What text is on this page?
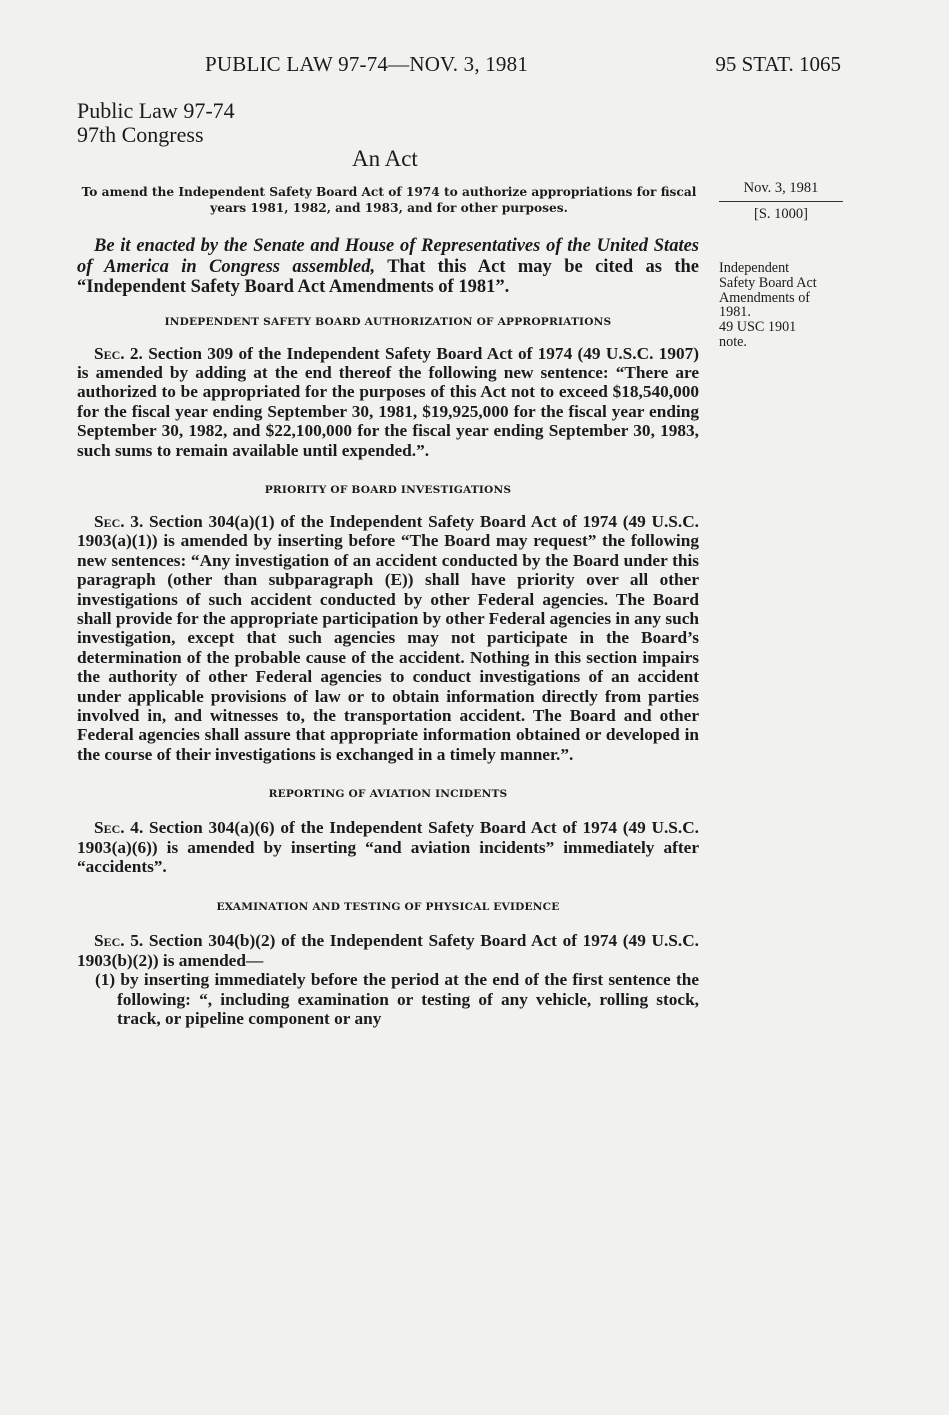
PUBLIC LAW 97-74—NOV. 3, 1981	95 STAT. 1065
Public Law 97-74
97th Congress
An Act
To amend the Independent Safety Board Act of 1974 to authorize appropriations for fiscal years 1981, 1982, and 1983, and for other purposes.
Nov. 3, 1981
[S. 1000]
Independent
Safety Board Act
Amendments of
1981.
49 USC 1901
note.

Be it enacted by the Senate and House of Representatives of the United States of America in Congress assembled, That this Act may be cited as the “Independent Safety Board Act Amendments of 1981”.

INDEPENDENT SAFETY BOARD AUTHORIZATION OF APPROPRIATIONS

Sec. 2. Section 309 of the Independent Safety Board Act of 1974 (49 U.S.C. 1907) is amended by adding at the end thereof the following new sentence: “There are authorized to be appropriated for the purposes of this Act not to exceed $18,540,000 for the fiscal year ending September 30, 1981, $19,925,000 for the fiscal year ending September 30, 1982, and $22,100,000 for the fiscal year ending September 30, 1983, such sums to remain available until expended.”.

PRIORITY OF BOARD INVESTIGATIONS

Sec. 3. Section 304(a)(1) of the Independent Safety Board Act of 1974 (49 U.S.C. 1903(a)(1)) is amended by inserting before “The Board may request” the following new sentences: “Any investigation of an accident conducted by the Board under this paragraph (other than subparagraph (E)) shall have priority over all other investigations of such accident conducted by other Federal agencies. The Board shall provide for the appropriate participation by other Federal agencies in any such investigation, except that such agencies may not participate in the Board’s determination of the probable cause of the accident. Nothing in this section impairs the authority of other Federal agencies to conduct investigations of an accident under applicable provisions of law or to obtain information directly from parties involved in, and witnesses to, the transportation accident. The Board and other Federal agencies shall assure that appropriate information obtained or developed in the course of their investigations is exchanged in a timely manner.”.

REPORTING OF AVIATION INCIDENTS

Sec. 4. Section 304(a)(6) of the Independent Safety Board Act of 1974 (49 U.S.C. 1903(a)(6)) is amended by inserting “and aviation incidents” immediately after “accidents”.

EXAMINATION AND TESTING OF PHYSICAL EVIDENCE

Sec. 5. Section 304(b)(2) of the Independent Safety Board Act of 1974 (49 U.S.C. 1903(b)(2)) is amended—

(1) by inserting immediately before the period at the end of the first sentence the following: “, including examination or testing of any vehicle, rolling stock, track, or pipeline component or any
